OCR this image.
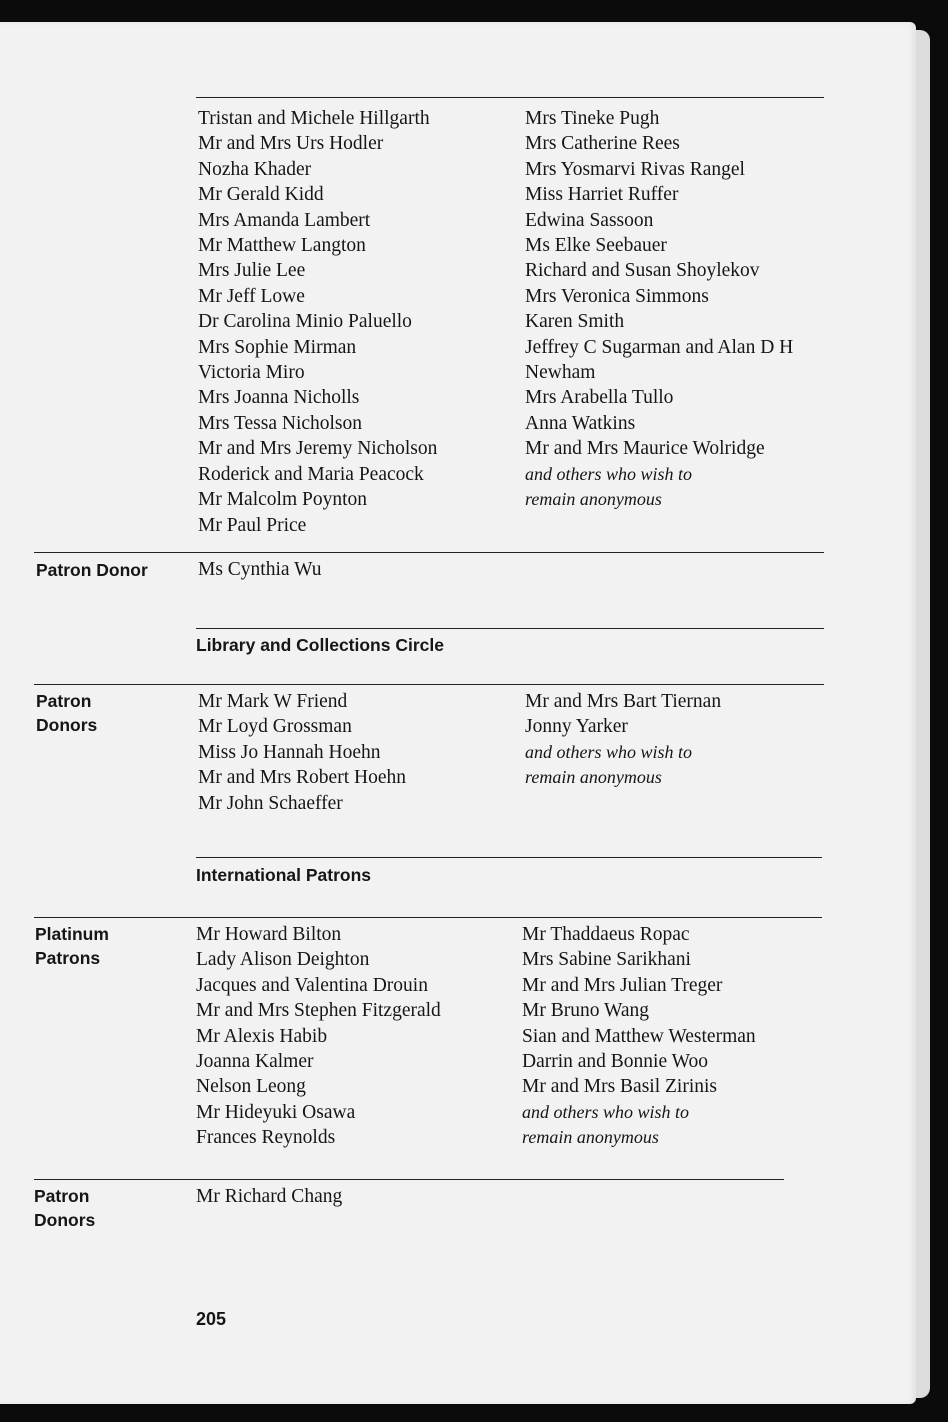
Tristan and Michele Hillgarth
Mr and Mrs Urs Hodler
Nozha Khader
Mr Gerald Kidd
Mrs Amanda Lambert
Mr Matthew Langton
Mrs Julie Lee
Mr Jeff Lowe
Dr Carolina Minio Paluello
Mrs Sophie Mirman
Victoria Miro
Mrs Joanna Nicholls
Mrs Tessa Nicholson
Mr and Mrs Jeremy Nicholson
Roderick and Maria Peacock
Mr Malcolm Poynton
Mr Paul Price
Mrs Tineke Pugh
Mrs Catherine Rees
Mrs Yosmarvi Rivas Rangel
Miss Harriet Ruffer
Edwina Sassoon
Ms Elke Seebauer
Richard and Susan Shoylekov
Mrs Veronica Simmons
Karen Smith
Jeffrey C Sugarman and Alan D H
Newham
Mrs Arabella Tullo
Anna Watkins
Mr and Mrs Maurice Wolridge
and others who wish to
remain anonymous
Patron Donor	Ms Cynthia Wu
Library and Collections Circle
Patron
Donors
Mr Mark W Friend
Mr Loyd Grossman
Miss Jo Hannah Hoehn
Mr and Mrs Robert Hoehn
Mr John Schaeffer
Mr and Mrs Bart Tiernan
Jonny Yarker
and others who wish to
remain anonymous
International Patrons
Platinum
Patrons
Mr Howard Bilton
Lady Alison Deighton
Jacques and Valentina Drouin
Mr and Mrs Stephen Fitzgerald
Mr Alexis Habib
Joanna Kalmer
Nelson Leong
Mr Hideyuki Osawa
Frances Reynolds
Mr Thaddaeus Ropac
Mrs Sabine Sarikhani
Mr and Mrs Julian Treger
Mr Bruno Wang
Sian and Matthew Westerman
Darrin and Bonnie Woo
Mr and Mrs Basil Zirinis
and others who wish to
remain anonymous
Patron
Donors
Mr Richard Chang
205
